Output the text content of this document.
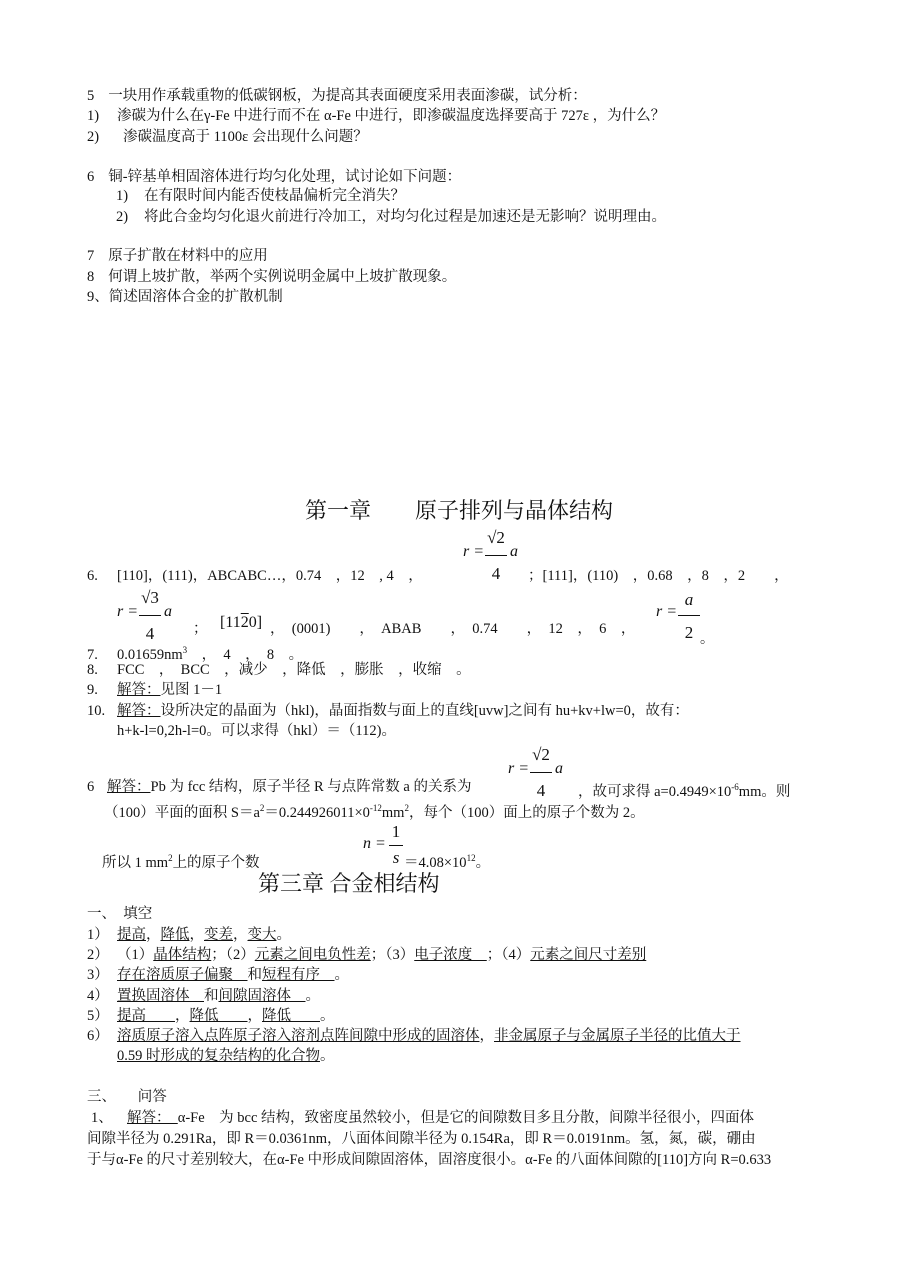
5 一块用作承载重物的低碳钢板，为提高其表面硬度采用表面渗碳，试分析：
1) 渗碳为什么在γ-Fe 中进行而不在 α-Fe 中进行，即渗碳温度选择要高于 727ε ，为什么？
2) 渗碳温度高于 1100ε 会出现什么问题？
6 铜-锌基单相固溶体进行均匀化处理，试讨论如下问题：
1) 在有限时间内能否使枝晶偏析完全消失？
2) 将此合金均匀化退火前进行冷加工，对均匀化过程是加速还是无影响？说明理由。
7 原子扩散在材料中的应用
8 何谓上坡扩散，举两个实例说明金属中上坡扩散现象。
9、简述固溶体合金的扩散机制
第一章　　原子排列与晶体结构
r =
√2
4
a
6. [110]，(111)，ABCABC…，0.74　，12　, 4　，	；[111]，(110)　，0.68　，8　，2　　，
r =
√3
4
a
； [1120] ，　(0001)　　，　ABAB　　，　0.74　　，　12　，　6　，
r =
a
2 。
7. $0.01659nm^3$　，　4　，　8　。
8. FCC　，　BCC　，减少　，降低　，膨胀　，收缩　。
9. 解答：见图 1－1
10. 解答：设所决定的晶面为（hkl)，晶面指数与面上的直线[uvw]之间有 hu+kv+lw=0，故有：
h+k-l=0,2h-l=0。可以求得（hkl）＝（112)。
r =
√2
4
a
6 解答：Pb 为 fcc 结构，原子半径 R 与点阵常数 a 的关系为	，故可求得 $a=0.4949\times 10^{-6}mm$。则
（100）平面的面积 $S=a^2=0.244926011\times 0^{-12}mm^2$，每个（100）面上的原子个数为 2。
所以 1 $mm^2$上的原子个数
n =
1
$s =4.08\times 10^{12}$。
第三章 合金相结构
一、　填空
0.59 时形成的复杂结构的化合物。
三、　　问答
1、 解答：　α-Fe　为 bcc 结构，致密度虽然较小，但是它的间隙数目多且分散，间隙半径很小，四面体
间隙半径为 0.291Ra，即 R＝0.0361nm，八面体间隙半径为 0.154Ra，即 R＝0.0191nm。氢，氮，碳，硼由
于与α-Fe 的尺寸差别较大，在α-Fe 中形成间隙固溶体，固溶度很小。α-Fe 的八面体间隙的[110]方向 R=0.633
1） 提高，降低，变差，变大。
2） （1）晶体结构；（2）元素之间电负性差；（3）电子浓度　；（4）元素之间尺寸差别
3） 存在溶质原子偏聚　和短程有序　。
4） 置换固溶体　和间隙固溶体　。
5） 提高　　，降低　　，降低　　。
6） 溶质原子溶入点阵原子溶入溶剂点阵间隙中形成的固溶体，非金属原子与金属原子半径的比值大于
